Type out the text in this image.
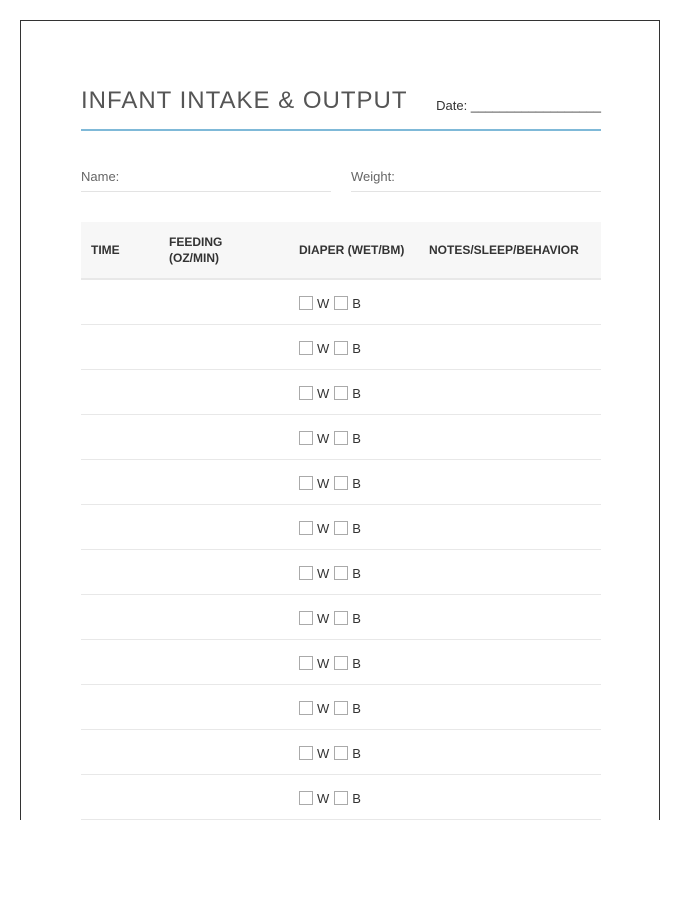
INFANT INTAKE & OUTPUT Date: __________________
Name:	Weight:
TIME
FEEDING (OZ/MIN)
DIAPER (WET/BM) NOTES/SLEEP/BEHAVIOR
W B
W B
W B
W B
W B
W B
W B
W B
W B
W B
W B
W B
